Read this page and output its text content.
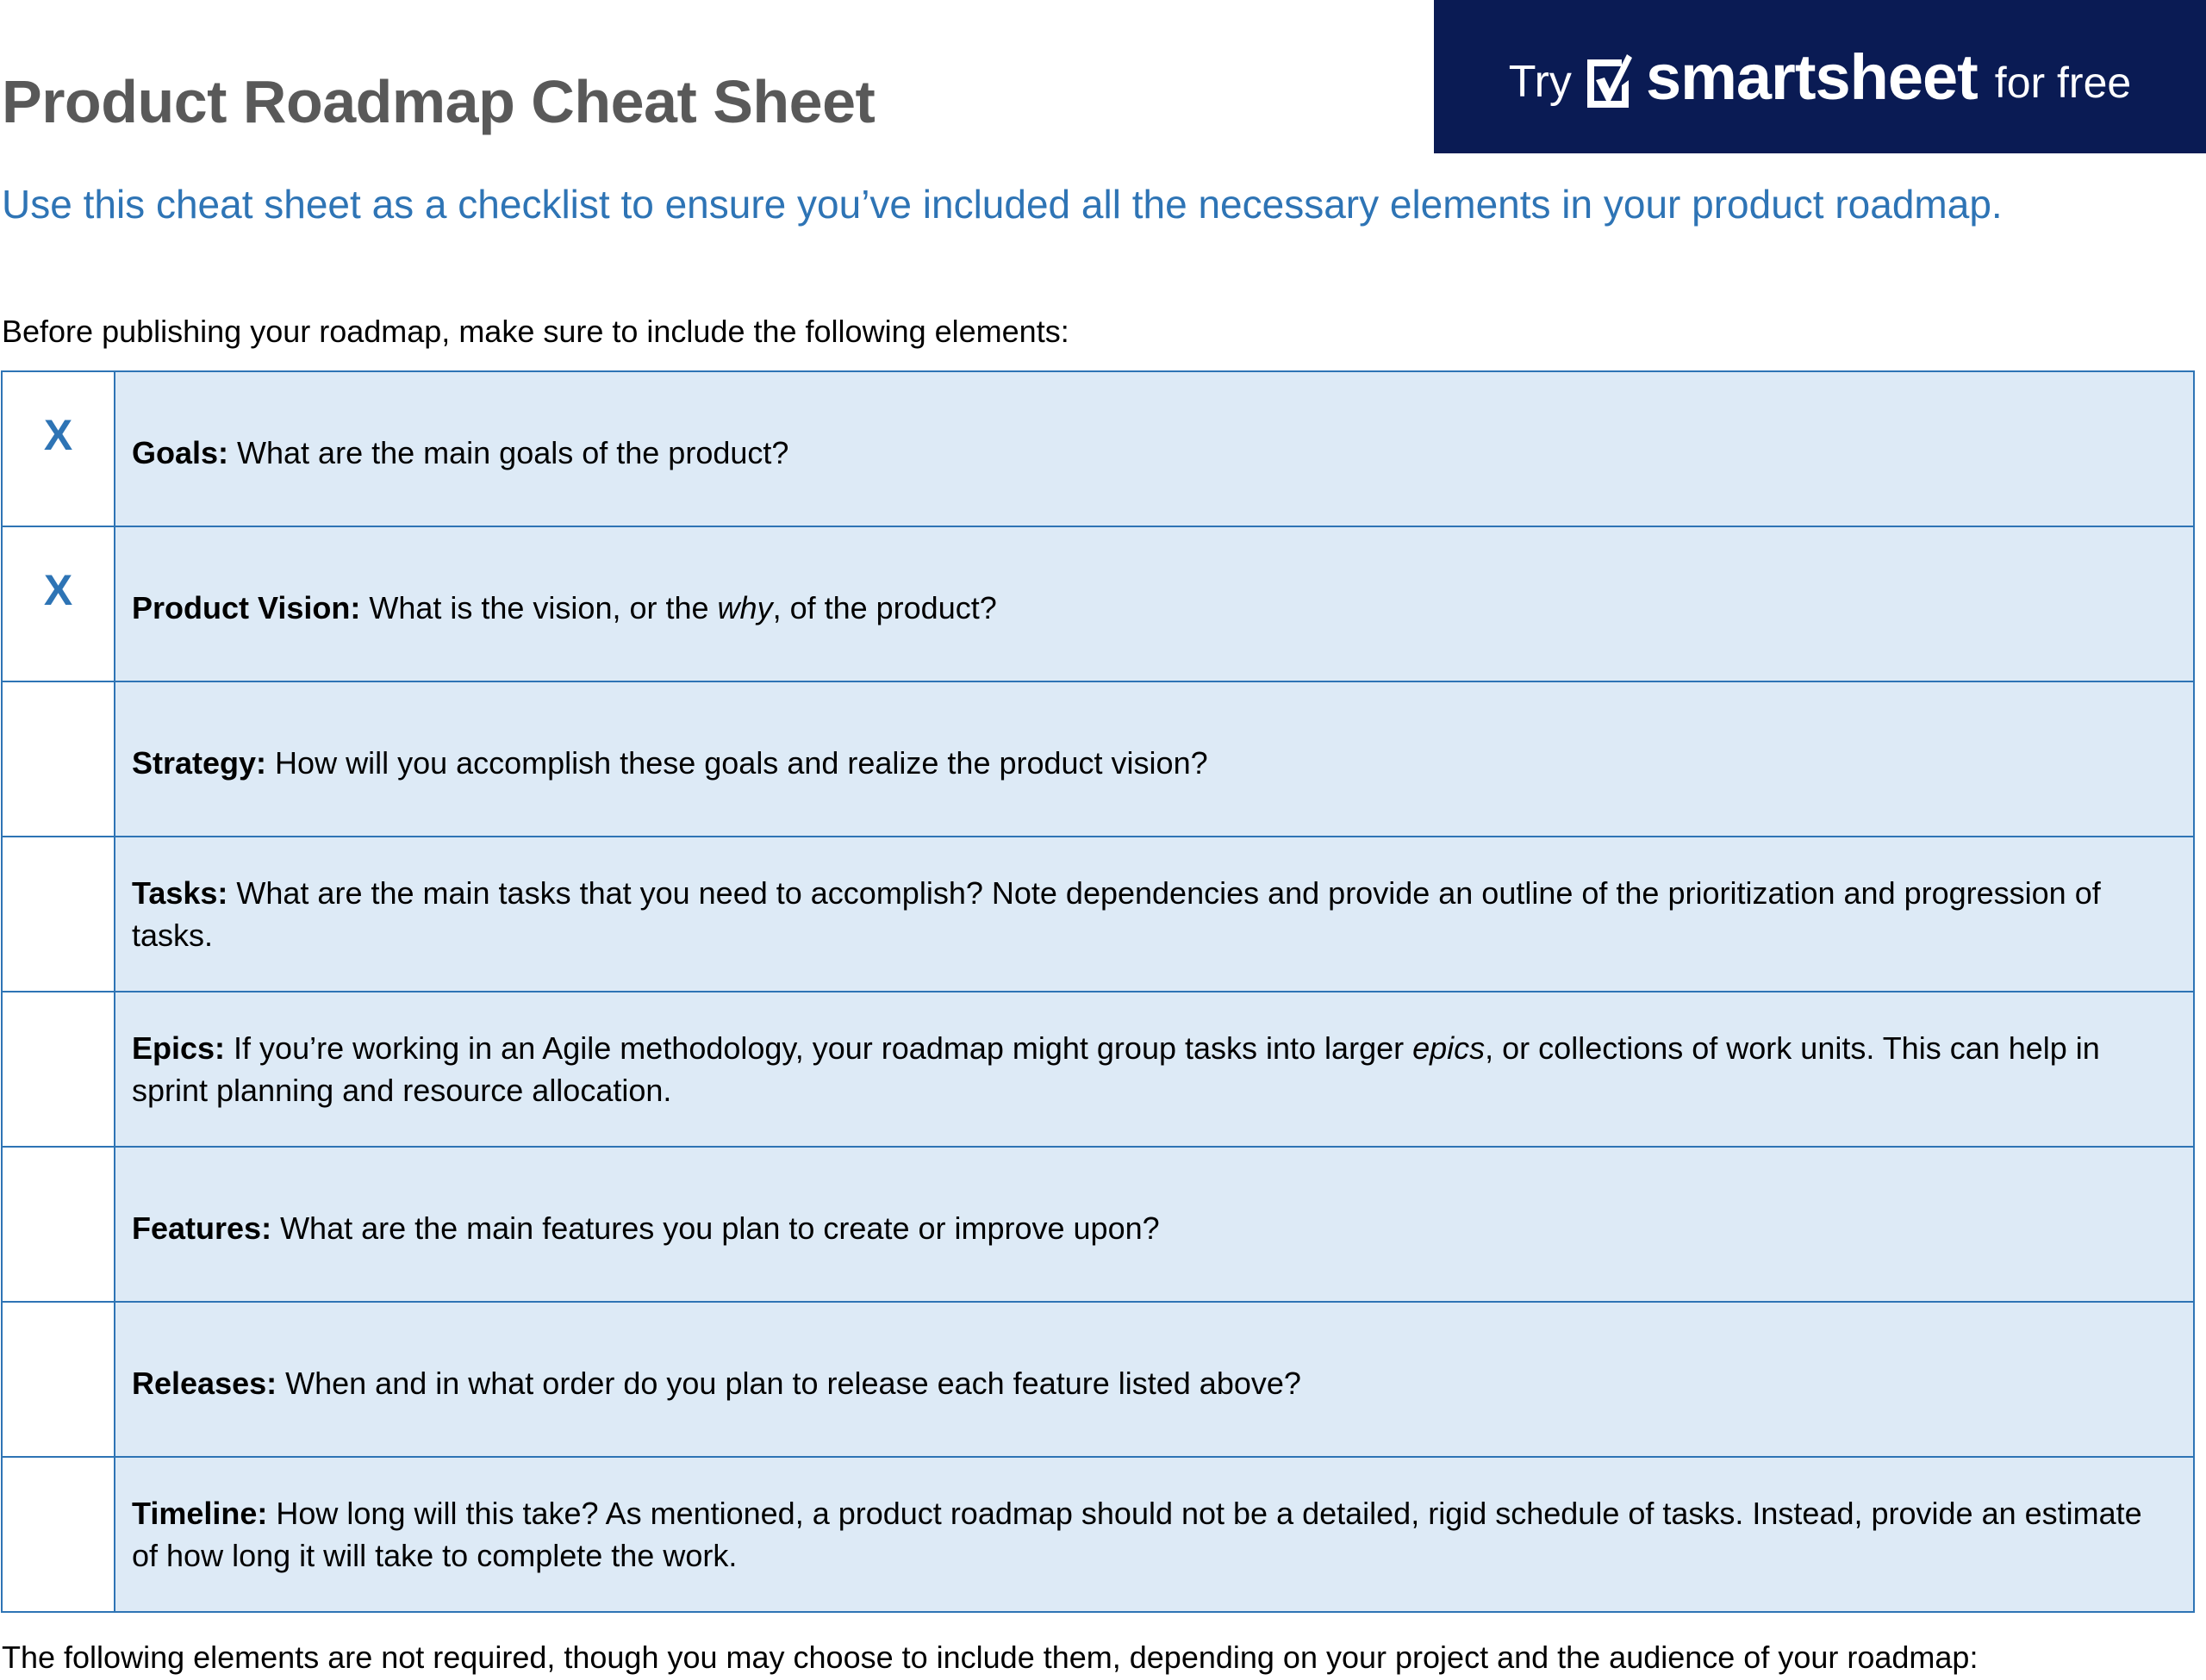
Product Roadmap Cheat Sheet	Try smartsheet for free

Use this cheat sheet as a checklist to ensure you’ve included all the necessary elements in your product roadmap.

Before publishing your roadmap, make sure to include the following elements:

X	Goals: What are the main goals of the product?

X	Product Vision: What is the vision, or the why, of the product?

	Strategy: How will you accomplish these goals and realize the product vision?

	Tasks: What are the main tasks that you need to accomplish? Note dependencies and provide an outline of the prioritization and progression of tasks.

	Epics: If you’re working in an Agile methodology, your roadmap might group tasks into larger epics, or collections of work units. This can help in sprint planning and resource allocation.

	Features: What are the main features you plan to create or improve upon?

	Releases: When and in what order do you plan to release each feature listed above?

	Timeline: How long will this take? As mentioned, a product roadmap should not be a detailed, rigid schedule of tasks. Instead, provide an estimate of how long it will take to complete the work.

The following elements are not required, though you may choose to include them, depending on your project and the audience of your roadmap:
